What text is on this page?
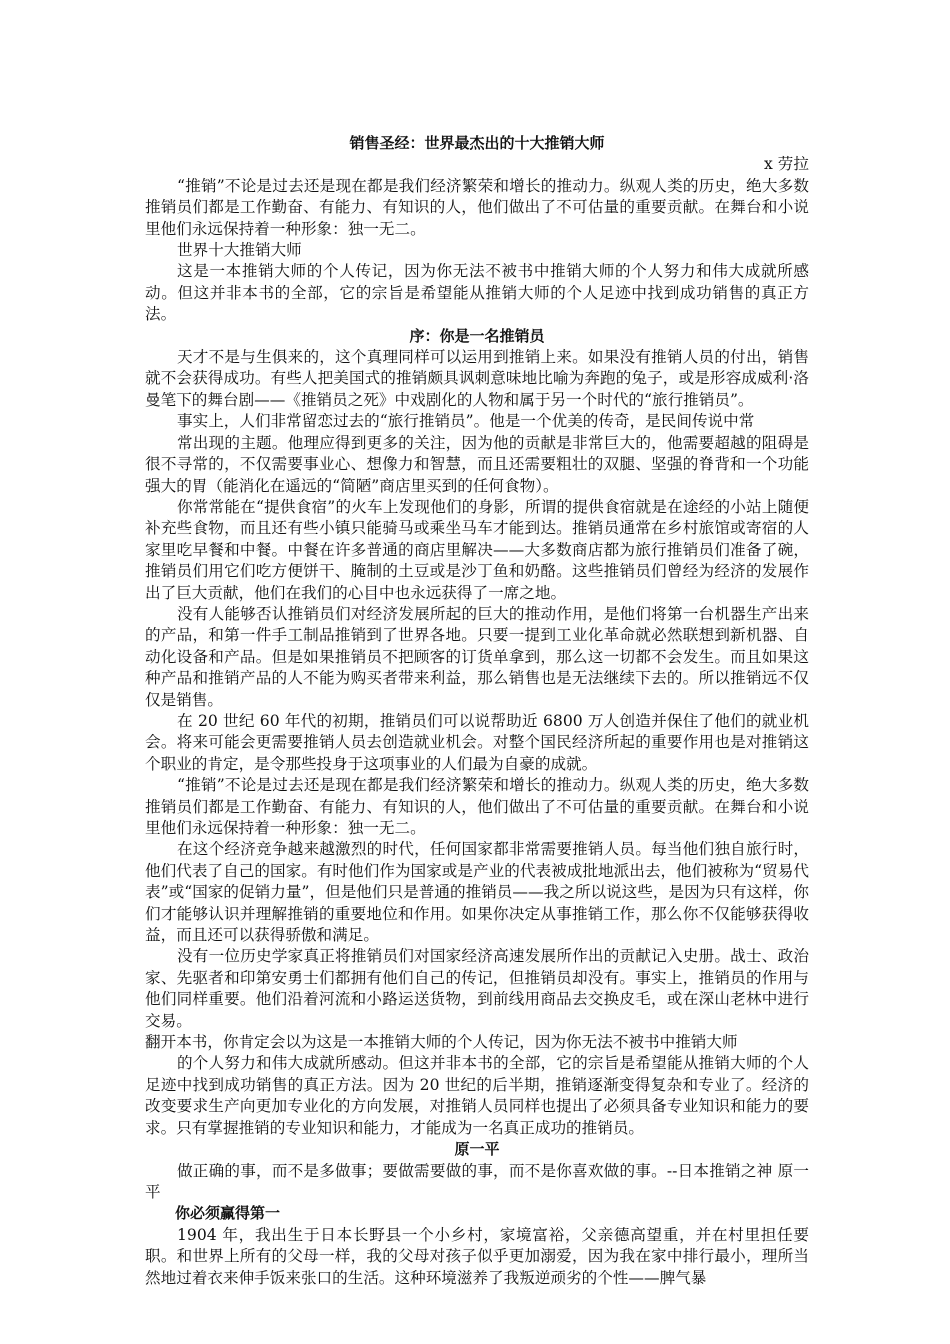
销售圣经：世界最杰出的十大推销大师
x 劳拉

“推销”不论是过去还是现在都是我们经济繁荣和增长的推动力。纵观人类的历史，绝大多数推销员们都是工作勤奋、有能力、有知识的人，他们做出了不可估量的重要贡献。在舞台和小说里他们永远保持着一种形象：独一无二。

世界十大推销大师

这是一本推销大师的个人传记，因为你无法不被书中推销大师的个人努力和伟大成就所感动。但这并非本书的全部，它的宗旨是希望能从推销大师的个人足迹中找到成功销售的真正方法。

序：你是一名推销员

天才不是与生俱来的，这个真理同样可以运用到推销上来。如果没有推销人员的付出，销售就不会获得成功。有些人把美国式的推销颇具讽刺意味地比喻为奔跑的兔子，或是形容成威利·洛曼笔下的舞台剧——《推销员之死》中戏剧化的人物和属于另一个时代的“旅行推销员”。

事实上，人们非常留恋过去的“旅行推销员”。他是一个优美的传奇，是民间传说中常

常出现的主题。他理应得到更多的关注，因为他的贡献是非常巨大的，他需要超越的阻碍是很不寻常的，不仅需要事业心、想像力和智慧，而且还需要粗壮的双腿、坚强的脊背和一个功能强大的胃（能消化在遥远的“简陋”商店里买到的任何食物）。

你常常能在“提供食宿”的火车上发现他们的身影，所谓的提供食宿就是在途经的小站上随便补充些食物，而且还有些小镇只能骑马或乘坐马车才能到达。推销员通常在乡村旅馆或寄宿的人家里吃早餐和中餐。中餐在许多普通的商店里解决——大多数商店都为旅行推销员们准备了碗，推销员们用它们吃方便饼干、腌制的土豆或是沙丁鱼和奶酪。这些推销员们曾经为经济的发展作出了巨大贡献，他们在我们的心目中也永远获得了一席之地。

没有人能够否认推销员们对经济发展所起的巨大的推动作用，是他们将第一台机器生产出来的产品，和第一件手工制品推销到了世界各地。只要一提到工业化革命就必然联想到新机器、自动化设备和产品。但是如果推销员不把顾客的订货单拿到，那么这一切都不会发生。而且如果这种产品和推销产品的人不能为购买者带来利益，那么销售也是无法继续下去的。所以推销远不仅仅是销售。

在 20 世纪 60 年代的初期，推销员们可以说帮助近 6800 万人创造并保住了他们的就业机会。将来可能会更需要推销人员去创造就业机会。对整个国民经济所起的重要作用也是对推销这个职业的肯定，是令那些投身于这项事业的人们最为自豪的成就。

“推销”不论是过去还是现在都是我们经济繁荣和增长的推动力。纵观人类的历史，绝大多数推销员们都是工作勤奋、有能力、有知识的人，他们做出了不可估量的重要贡献。在舞台和小说里他们永远保持着一种形象：独一无二。

在这个经济竞争越来越激烈的时代，任何国家都非常需要推销人员。每当他们独自旅行时，他们代表了自己的国家。有时他们作为国家或是产业的代表被成批地派出去，他们被称为“贸易代表”或“国家的促销力量”，但是他们只是普通的推销员——我之所以说这些，是因为只有这样，你们才能够认识并理解推销的重要地位和作用。如果你决定从事推销工作，那么你不仅能够获得收益，而且还可以获得骄傲和满足。

没有一位历史学家真正将推销员们对国家经济高速发展所作出的贡献记入史册。战士、政治家、先驱者和印第安勇士们都拥有他们自己的传记，但推销员却没有。事实上，推销员的作用与他们同样重要。他们沿着河流和小路运送货物，到前线用商品去交换皮毛，或在深山老林中进行交易。

翻开本书，你肯定会以为这是一本推销大师的个人传记，因为你无法不被书中推销大师

的个人努力和伟大成就所感动。但这并非本书的全部，它的宗旨是希望能从推销大师的个人足迹中找到成功销售的真正方法。因为 20 世纪的后半期，推销逐渐变得复杂和专业了。经济的改变要求生产向更加专业化的方向发展，对推销人员同样也提出了必须具备专业知识和能力的要求。只有掌握推销的专业知识和能力，才能成为一名真正成功的推销员。

原一平

做正确的事，而不是多做事；要做需要做的事，而不是你喜欢做的事。--日本推销之神 原一平

你必须赢得第一

1904 年，我出生于日本长野县一个小乡村，家境富裕，父亲德高望重，并在村里担任要职。和世界上所有的父母一样，我的父母对孩子似乎更加溺爱，因为我在家中排行最小，理所当然地过着衣来伸手饭来张口的生活。这种环境滋养了我叛逆顽劣的个性——脾气暴
